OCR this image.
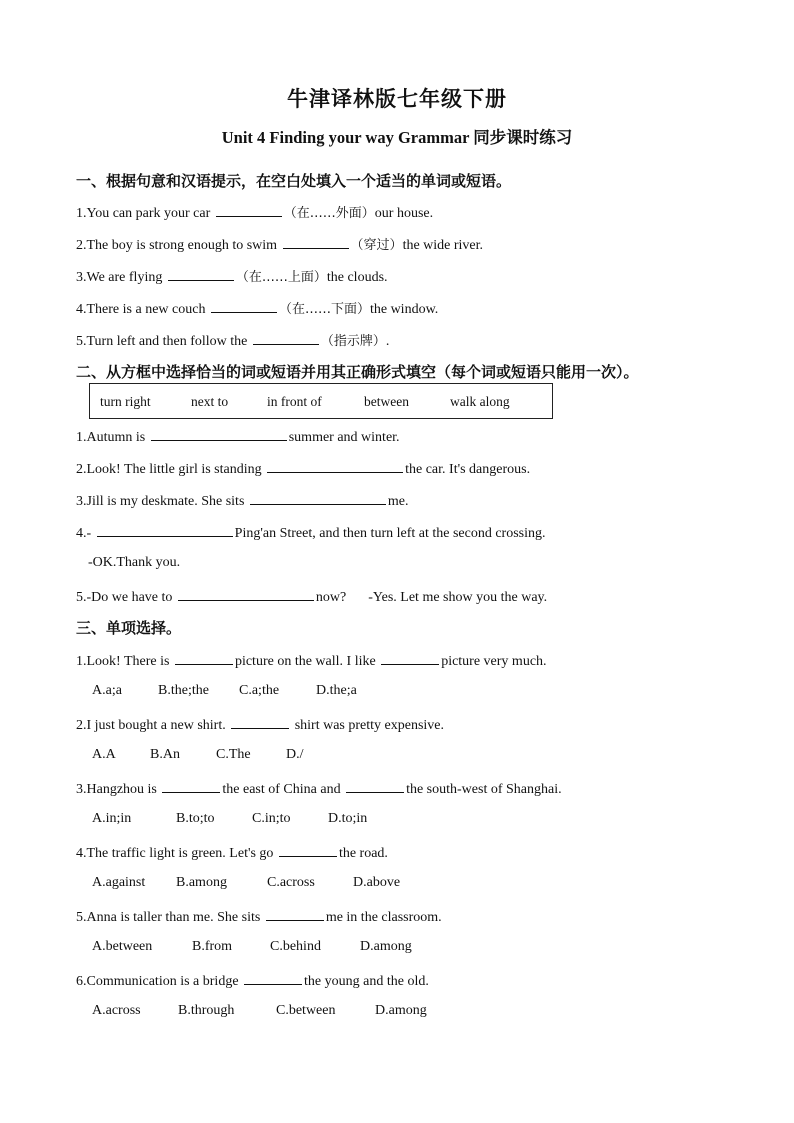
牛津译林版七年级下册
Unit 4 Finding your way Grammar 同步课时练习
一、根据句意和汉语提示，在空白处填入一个适当的单词或短语。
1.You can park your car	（在……外面）our house.
2.The boy is strong enough to swim	（穿过）the wide river.
3.We are flying	（在……上面）the clouds.
4.There is a new couch	（在……下面）the window.
5.Turn left and then follow the	（指示牌）.
二、从方框中选择恰当的词或短语并用其正确形式填空（每个词或短语只能用一次）。
turn right	next to	in front of	between	walk along
1.Autumn is	summer and winter.
2.Look! The little girl is standing	the car. It's dangerous.
3.Jill is my deskmate. She sits	me.
4.-	Ping'an Street, and then turn left at the second crossing.
-OK.Thank you.
5.-Do we have to	now? -Yes. Let me show you the way.
三、单项选择。
1.Look! There is	picture on the wall. I like	picture very much.
A.a;a	B.the;the C.a;the	D.the;a
2.I just bought a new shirt.	shirt was pretty expensive.
A.A B.An	C.The	D./
3.Hangzhou is	the east of China and	the south-west of Shanghai.
A.in;in	B.to;to	C.in;to	D.to;in
4.The traffic light is green. Let's go	the road.
A.against B.among	C.across	D.above
5.Anna is taller than me. She sits	me in the classroom.
A.between	B.from	C.behind	D.among
6.Communication is a bridge	the young and the old.
A.across	B.through	C.between	D.among
